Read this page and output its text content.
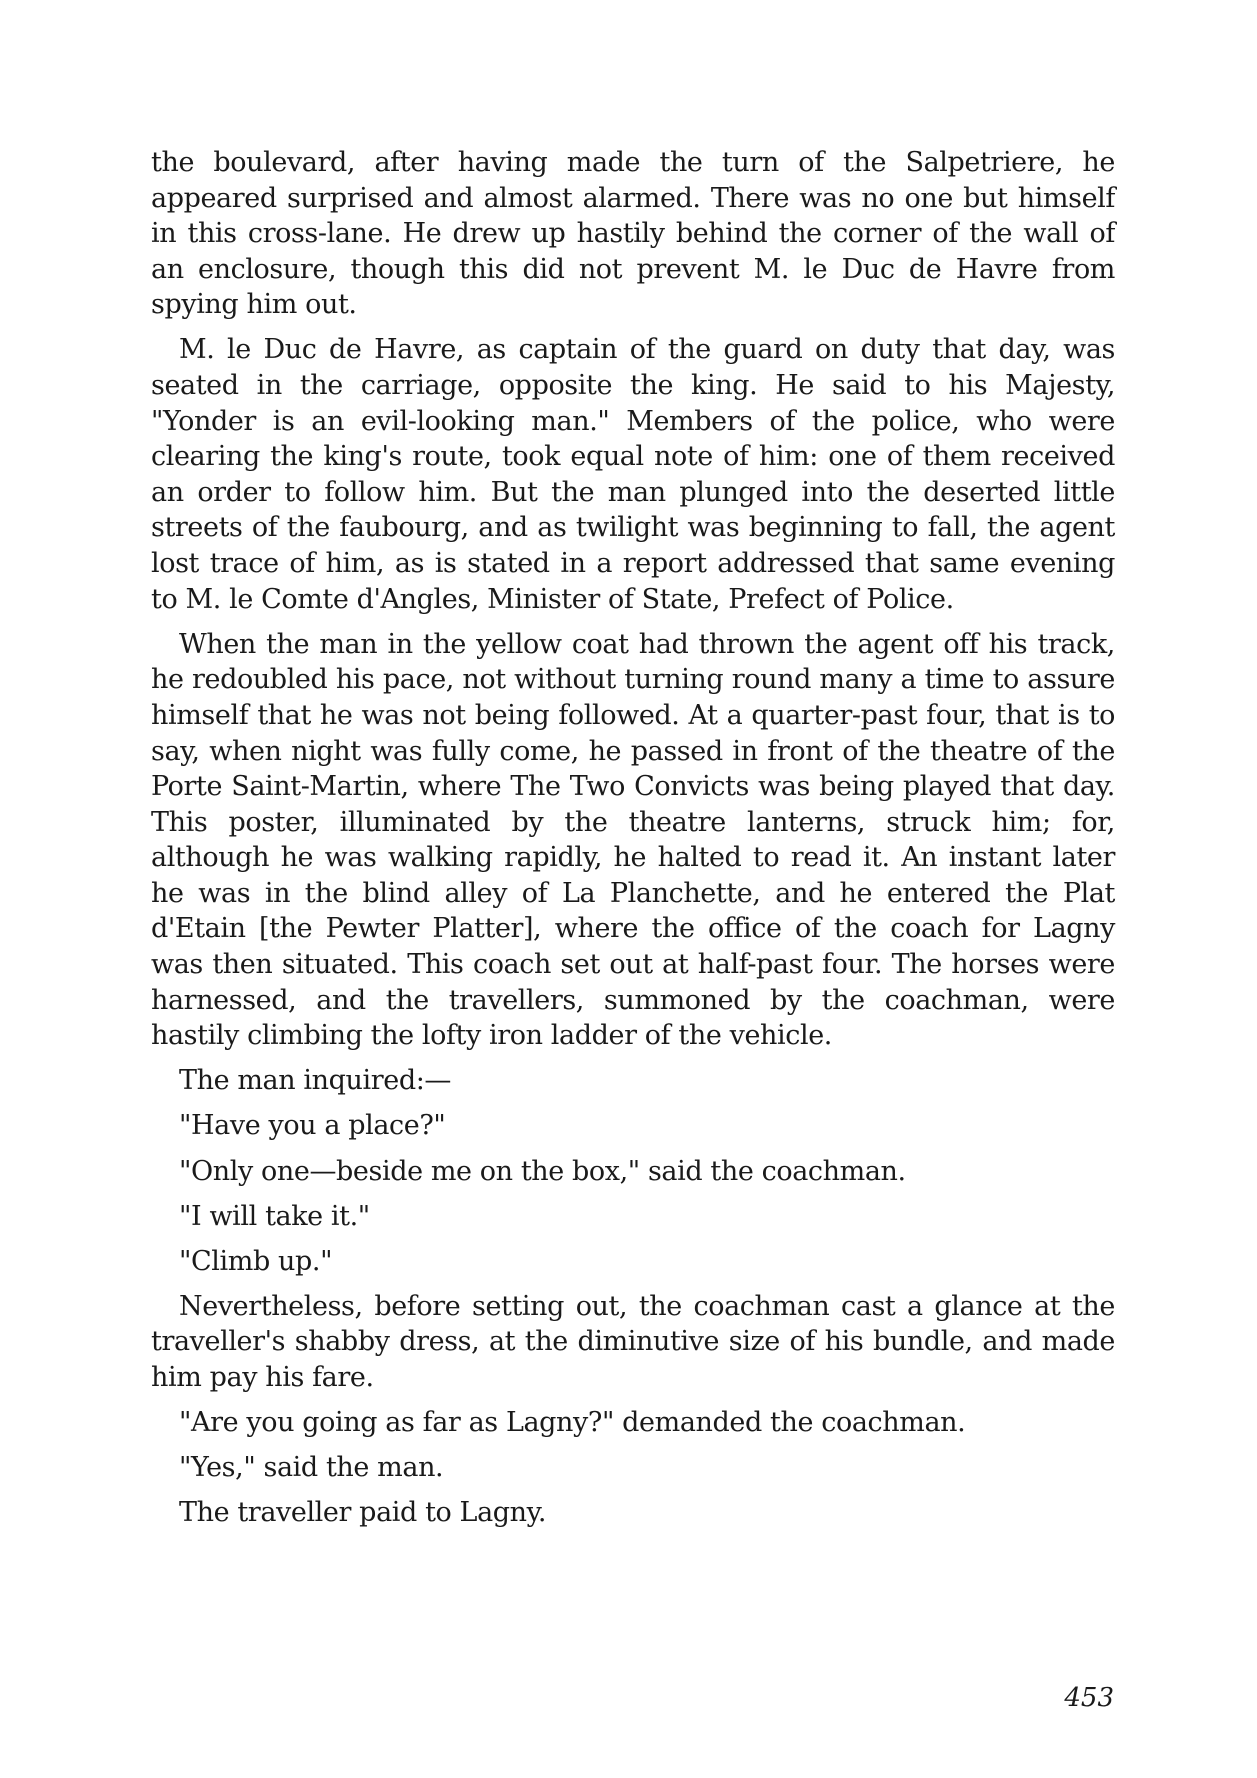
the boulevard, after having made the turn of the Salpetriere, he appeared surprised and almost alarmed. There was no one but himself in this cross-lane. He drew up hastily behind the corner of the wall of an enclosure, though this did not prevent M. le Duc de Havre from spying him out.

M. le Duc de Havre, as captain of the guard on duty that day, was seated in the carriage, opposite the king. He said to his Majesty, "Yonder is an evil-looking man." Members of the police, who were clearing the king's route, took equal note of him: one of them received an order to follow him. But the man plunged into the deserted little streets of the faubourg, and as twilight was beginning to fall, the agent lost trace of him, as is stated in a report addressed that same evening to M. le Comte d'Angles, Minister of State, Prefect of Police.

When the man in the yellow coat had thrown the agent off his track, he redoubled his pace, not without turning round many a time to assure himself that he was not being followed. At a quarter-past four, that is to say, when night was fully come, he passed in front of the theatre of the Porte Saint-Martin, where The Two Convicts was being played that day. This poster, illuminated by the theatre lanterns, struck him; for, although he was walking rapidly, he halted to read it. An instant later he was in the blind alley of La Planchette, and he entered the Plat d'Etain [the Pewter Platter], where the office of the coach for Lagny was then situated. This coach set out at half-past four. The horses were harnessed, and the travellers, summoned by the coachman, were hastily climbing the lofty iron ladder of the vehicle.

The man inquired:—

"Have you a place?"

"Only one—beside me on the box," said the coachman.

"I will take it."

"Climb up."

Nevertheless, before setting out, the coachman cast a glance at the traveller's shabby dress, at the diminutive size of his bundle, and made him pay his fare.

"Are you going as far as Lagny?" demanded the coachman.

"Yes," said the man.

The traveller paid to Lagny.

453
